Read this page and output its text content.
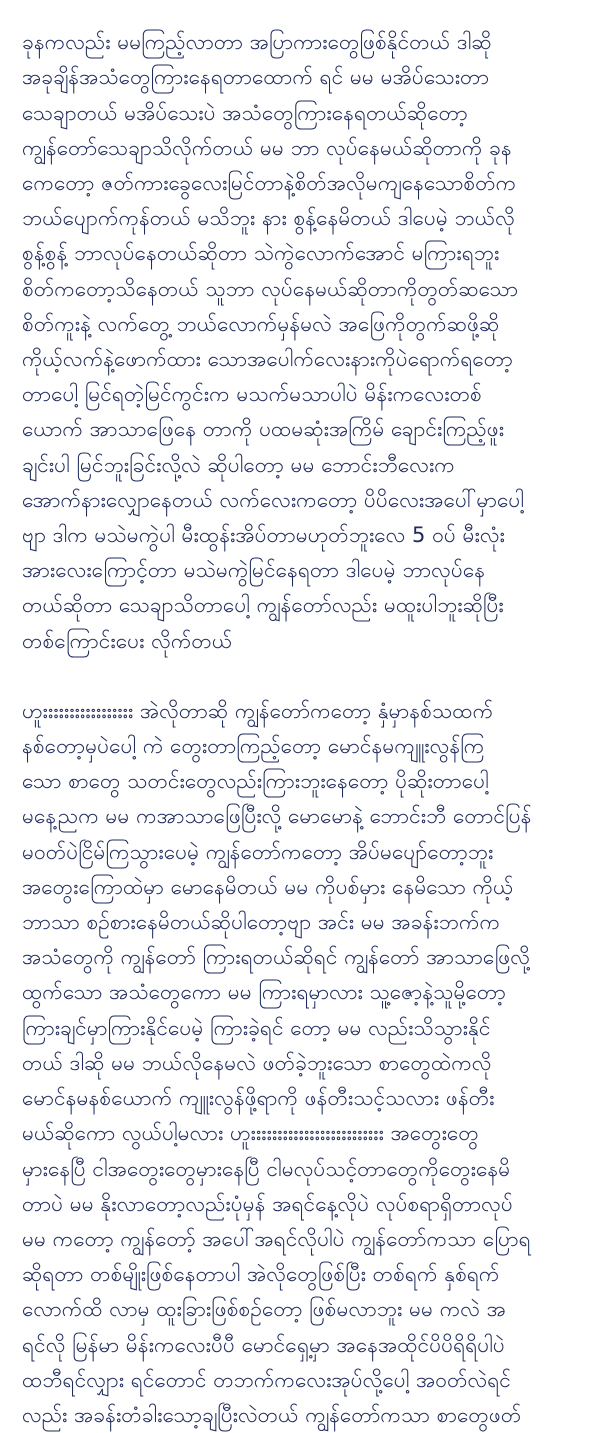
ခုနကလည်း မမကြည့်လာတာ အပြာကားတွေဖြစ်နိုင်တယ် ဒါဆို
အခုချိန်အသံတွေကြားနေရတာထောက် ရင် မမ မအိပ်သေးတာ
သေချာတယ် မအိပ်သေးပဲ အသံတွေကြားနေရတယ်ဆိုတော့
ကျွန်တော်သေချာသိလိုက်တယ် မမ ဘာ လုပ်နေမယ်ဆိုတာကို ခုန
ကေတော့ ဇတ်ကားခွေလေးမြင်တာနဲ့စိတ်အလိုမကျနေသောစိတ်က
ဘယ်ပျောက်ကုန်တယ် မသိဘူး နား စွန့်နေမိတယ် ဒါပေမဲ့ ဘယ်လို
စွန့်စွန့် ဘာလုပ်နေတယ်ဆိုတာ သဲကွဲလောက်အောင် မကြားရဘူး
စိတ်ကတော့သိနေတယ် သူဘာ လုပ်နေမယ်ဆိုတာကိုတွတ်ဆသော
စိတ်ကူးနဲ့ လက်တွေ့ ဘယ်လောက်မှန်မလဲ အဖြေကိုတွက်ဆဖို့ဆို
ကိုယ့်လက်နဲ့ဖောက်ထား သောအပေါက်လေးနားကိုပဲရောက်ရတော့
တာပေါ့ မြင်ရတဲ့မြင်ကွင်းက မသက်မသာပါပဲ မိန်းကလေးတစ်
ယောက် အာသာဖြေနေ တာကို ပထမဆုံးအကြိမ် ချောင်းကြည့်ဖူး
ချင်းပါ မြင်ဘူးခြင်းလို့လဲ ဆိုပါတော့ မမ ဘောင်းဘီလေးက
အောက်နားလျှောနေတယ် လက်လေးကတော့ ပိပိလေးအပေါ်မှာပေါ့
ဗျာ ဒါက မသဲမကွဲပါ မီးထွန်းအိပ်တာမဟုတ်ဘူးလေ 5 ဝပ် မီးလုံး
အားလေးကြောင့်တာ မသဲမကွဲမြင်နေရတာ ဒါပေမဲ့ ဘာလုပ်နေ
တယ်ဆိုတာ သေချာသိတာပေါ့ ကျွန်တော်လည်း မထူးပါဘူးဆိုပြီး
တစ်ကြောင်းပေး လိုက်တယ်

ဟူးးးးးးးးးးးးးးးးး အဲလိုတာဆို ကျွန်တော်ကတော့ နှံမှာနစ်သထက်
နစ်တော့မှပဲပေါ့ ကဲ တွေးတာကြည့်တော့ မောင်နမကျူးလွန်ကြ
သော စာတွေ သတင်းတွေလည်းကြားဘူးနေတော့ ပိုဆိုးတာပေါ့
မနေ့ညက မမ ကအာသာဖြေပြီးလို့ မောမောနဲ့ ဘောင်းဘီ တောင်ပြန်
မဝတ်ပဲငြိမ်ကြသွားပေမဲ့ ကျွန်တော်ကတော့ အိပ်မပျော်တော့ဘူး
အတွေးကြောထဲမှာ မောနေမိတယ် မမ ကိုပစ်မှား နေမိသော ကိုယ့်
ဘာသာ စဉ်စားနေမိတယ်ဆိုပါတော့ဗျာ အင်း မမ အခန်းဘက်က
အသံတွေကို ကျွန်တော် ကြားရတယ်ဆိုရင် ကျွန်တော် အာသာဖြေလို့
ထွက်သော အသံတွေကော မမ ကြားရမှာလား သူ့ဇော့နဲ့သူမို့တော့
ကြားချင်မှာကြားနိုင်ပေမဲ့ ကြားခဲ့ရင် တော့ မမ လည်းသိသွားနိုင်
တယ် ဒါဆို မမ ဘယ်လိုနေမလဲ ဖတ်ခဲ့ဘူးသော စာတွေထဲကလို
မောင်နမနစ်ယောက် ကျူးလွန်ဖို့ရာကို ဖန်တီးသင့်သလား ဖန်တီး
မယ်ဆိုကော လွယ်ပါ့မလား ဟူးးးးးးးးးးးးးးးးးးးးးးးးး အတွေးတွေ
မှားနေပြီ ငါအတွေးတွေမှားနေပြီ ငါမလုပ်သင့်တာတွေကိုတွေးနေမိ
တာပဲ မမ နိုးလာတော့လည်းပုံမှန် အရင်နေ့လိုပဲ လုပ်စရာရှိတာလုပ်
မမ ကတော့ ကျွန်တော့် အပေါ်အရင်လိုပါပဲ ကျွန်တော်ကသာ ပြောရ
ဆိုရတာ တစ်မျိုးဖြစ်နေတာပါ အဲလိုတွေဖြစ်ပြီး တစ်ရက် နှစ်ရက်
လောက်ထိ လာမှ ထူးခြားဖြစ်စဉ်တော့ ဖြစ်မလာဘူး မမ ကလဲ အ
ရင်လို မြန်မာ မိန်းကလေးပီပီ မောင်ရှေ့မှာ အနေအထိုင်ပိပိရိရိပါပဲ
ထဘီရင်လျှား ရင်တောင် တဘက်ကလေးအုပ်လို့ပေါ့ အဝတ်လဲရင်
လည်း အခန်းတံခါးသော့ချပြီးလဲတယ် ကျွန်တော်ကသာ စာတွေဖတ်
